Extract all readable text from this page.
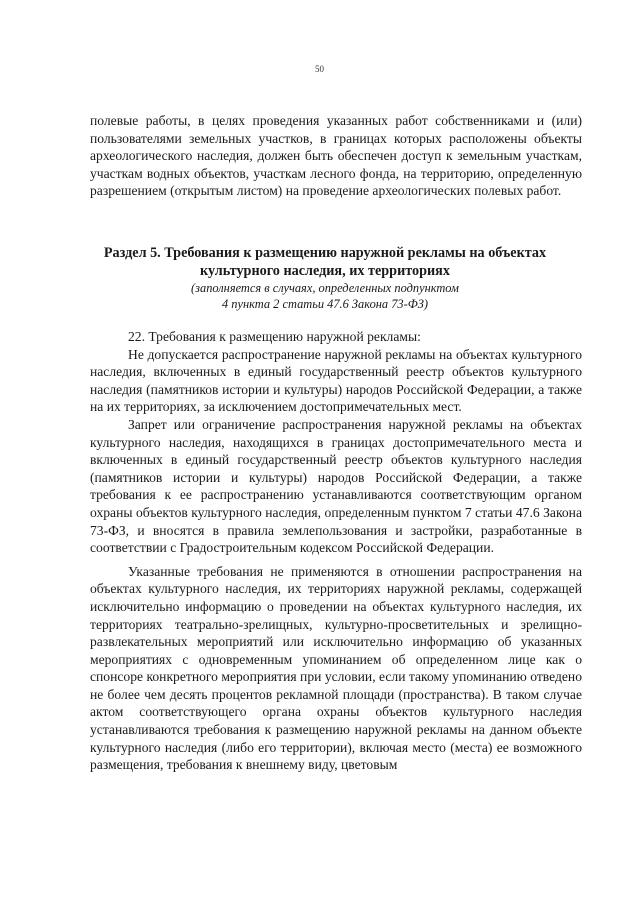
50

полевые работы, в целях проведения указанных работ собственниками и (или) пользователями земельных участков, в границах которых расположены объекты археологического наследия, должен быть обеспечен доступ к земельным участкам, участкам водных объектов, участкам лесного фонда, на территорию, определенную разрешением (открытым листом) на проведение археологических полевых работ.

Раздел 5. Требования к размещению наружной рекламы на объектах

культурного наследия, их территориях

(заполняется в случаях, определенных подпунктом

4 пункта 2 статьи 47.6 Закона 73-ФЗ)

22. Требования к размещению наружной рекламы:

Не допускается распространение наружной рекламы на объектах культурного наследия, включенных в единый государственный реестр объектов культурного наследия (памятников истории и культуры) народов Российской Федерации, а также на их территориях, за исключением достопримечательных мест.

Запрет или ограничение распространения наружной рекламы на объектах культурного наследия, находящихся в границах достопримечательного места и включенных в единый государственный реестр объектов культурного наследия (памятников истории и культуры) народов Российской Федерации, а также требования к ее распространению устанавливаются соответствующим органом охраны объектов культурного наследия, определенным пунктом 7 статьи 47.6 Закона 73-ФЗ, и вносятся в правила землепользования и застройки, разработанные в соответствии с Градостроительным кодексом Российской Федерации.

Указанные требования не применяются в отношении распространения на объектах культурного наследия, их территориях наружной рекламы, содержащей исключительно информацию о проведении на объектах культурного наследия, их территориях театрально-зрелищных, культурно-просветительных и зрелищно-развлекательных мероприятий или исключительно информацию об указанных мероприятиях с одновременным упоминанием об определенном лице как о спонсоре конкретного мероприятия при условии, если такому упоминанию отведено не более чем десять процентов рекламной площади (пространства). В таком случае актом соответствующего органа охраны объектов культурного наследия устанавливаются требования к размещению наружной рекламы на данном объекте культурного наследия (либо его территории), включая место (места) ее возможного размещения, требования к внешнему виду, цветовым
